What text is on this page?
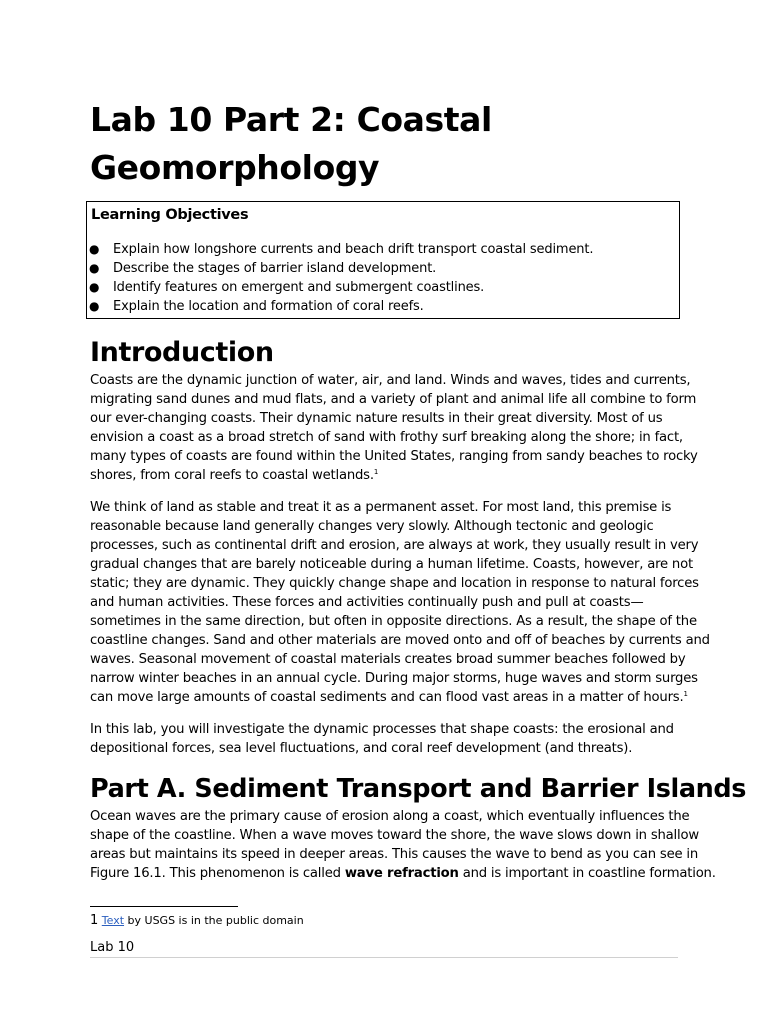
Lab 10 Part 2: Coastal
Geomorphology

Learning Objectives

● Explain how longshore currents and beach drift transport coastal sediment.
● Describe the stages of barrier island development.
● Identify features on emergent and submergent coastlines.
● Explain the location and formation of coral reefs.
Introduction

Coasts are the dynamic junction of water, air, and land. Winds and waves, tides and currents,
migrating sand dunes and mud flats, and a variety of plant and animal life all combine to form
our ever-changing coasts. Their dynamic nature results in their great diversity. Most of us
envision a coast as a broad stretch of sand with frothy surf breaking along the shore; in fact,
many types of coasts are found within the United States, ranging from sandy beaches to rocky
shores, from coral reefs to coastal wetlands.$^1$

We think of land as stable and treat it as a permanent asset. For most land, this premise is
reasonable because land generally changes very slowly. Although tectonic and geologic
processes, such as continental drift and erosion, are always at work, they usually result in very
gradual changes that are barely noticeable during a human lifetime. Coasts, however, are not
static; they are dynamic. They quickly change shape and location in response to natural forces
and human activities. These forces and activities continually push and pull at coasts—
sometimes in the same direction, but often in opposite directions. As a result, the shape of the
coastline changes. Sand and other materials are moved onto and off of beaches by currents and
waves. Seasonal movement of coastal materials creates broad summer beaches followed by
narrow winter beaches in an annual cycle. During major storms, huge waves and storm surges
can move large amounts of coastal sediments and can flood vast areas in a matter of hours.$^1$

In this lab, you will investigate the dynamic processes that shape coasts: the erosional and
depositional forces, sea level fluctuations, and coral reef development (and threats).

Part A. Sediment Transport and Barrier Islands

Ocean waves are the primary cause of erosion along a coast, which eventually influences the
shape of the coastline. When a wave moves toward the shore, the wave slows down in shallow
areas but maintains its speed in deeper areas. This causes the wave to bend as you can see in
Figure 16.1. This phenomenon is called wave refraction and is important in coastline formation.

1 Text by USGS is in the public domain
Lab 10
